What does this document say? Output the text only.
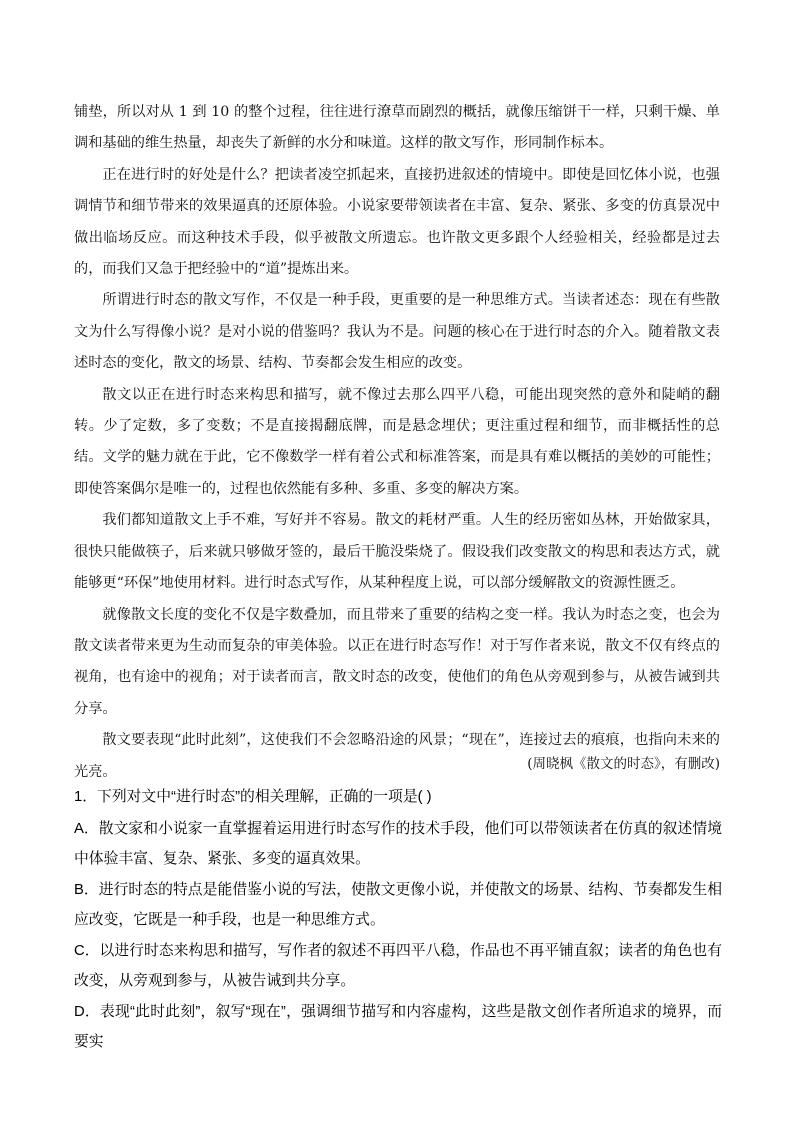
铺垫，所以对从 1 到 10 的整个过程，往往进行潦草而剧烈的概括，就像压缩饼干一样，只剩干燥、单调和基础的维生热量，却丧失了新鲜的水分和味道。这样的散文写作，形同制作标本。

正在进行时的好处是什么？把读者凌空抓起来，直接扔进叙述的情境中。即使是回忆体小说，也强调情节和细节带来的效果逼真的还原体验。小说家要带领读者在丰富、复杂、紧张、多变的仿真景况中做出临场反应。而这种技术手段，似乎被散文所遗忘。也许散文更多跟个人经验相关，经验都是过去的，而我们又急于把经验中的“道”提炼出来。

所谓进行时态的散文写作，不仅是一种手段，更重要的是一种思维方式。当读者述态：现在有些散文为什么写得像小说？是对小说的借鉴吗？我认为不是。问题的核心在于进行时态的介入。随着散文表述时态的变化，散文的场景、结构、节奏都会发生相应的改变。

散文以正在进行时态来构思和描写，就不像过去那么四平八稳，可能出现突然的意外和陡峭的翻转。少了定数，多了变数；不是直接揭翻底牌，而是悬念埋伏；更注重过程和细节，而非概括性的总结。文学的魅力就在于此，它不像数学一样有着公式和标准答案，而是具有难以概括的美妙的可能性；即使答案偶尔是唯一的，过程也依然能有多种、多重、多变的解决方案。

我们都知道散文上手不难，写好并不容易。散文的耗材严重。人生的经历密如丛林，开始做家具，很快只能做筷子，后来就只够做牙签的，最后干脆没柴烧了。假设我们改变散文的构思和表达方式，就能够更“环保”地使用材料。进行时态式写作，从某种程度上说，可以部分缓解散文的资源性匮乏。

就像散文长度的变化不仅是字数叠加，而且带来了重要的结构之变一样。我认为时态之变，也会为散文读者带来更为生动而复杂的审美体验。以正在进行时态写作！对于写作者来说，散文不仅有终点的视角，也有途中的视角；对于读者而言，散文时态的改变，使他们的角色从旁观到参与，从被告诫到共分享。

散文要表现“此时此刻”，这使我们不会忽略沿途的风景；“现在”，连接过去的痕痕，也指向未来的光亮。	(周晓枫《散文的时态》，有删改)

1．下列对文中“进行时态”的相关理解，正确的一项是( )

A．散文家和小说家一直掌握着运用进行时态写作的技术手段，他们可以带领读者在仿真的叙述情境中体验丰富、复杂、紧张、多变的逼真效果。

B．进行时态的特点是能借鉴小说的写法，使散文更像小说，并使散文的场景、结构、节奏都发生相应改变，它既是一种手段，也是一种思维方式。

C．以进行时态来构思和描写，写作者的叙述不再四平八稳，作品也不再平铺直叙；读者的角色也有改变，从旁观到参与，从被告诫到共分享。

D．表现“此时此刻”，叙写“现在”，强调细节描写和内容虚构，这些是散文创作者所追求的境界，而要实
